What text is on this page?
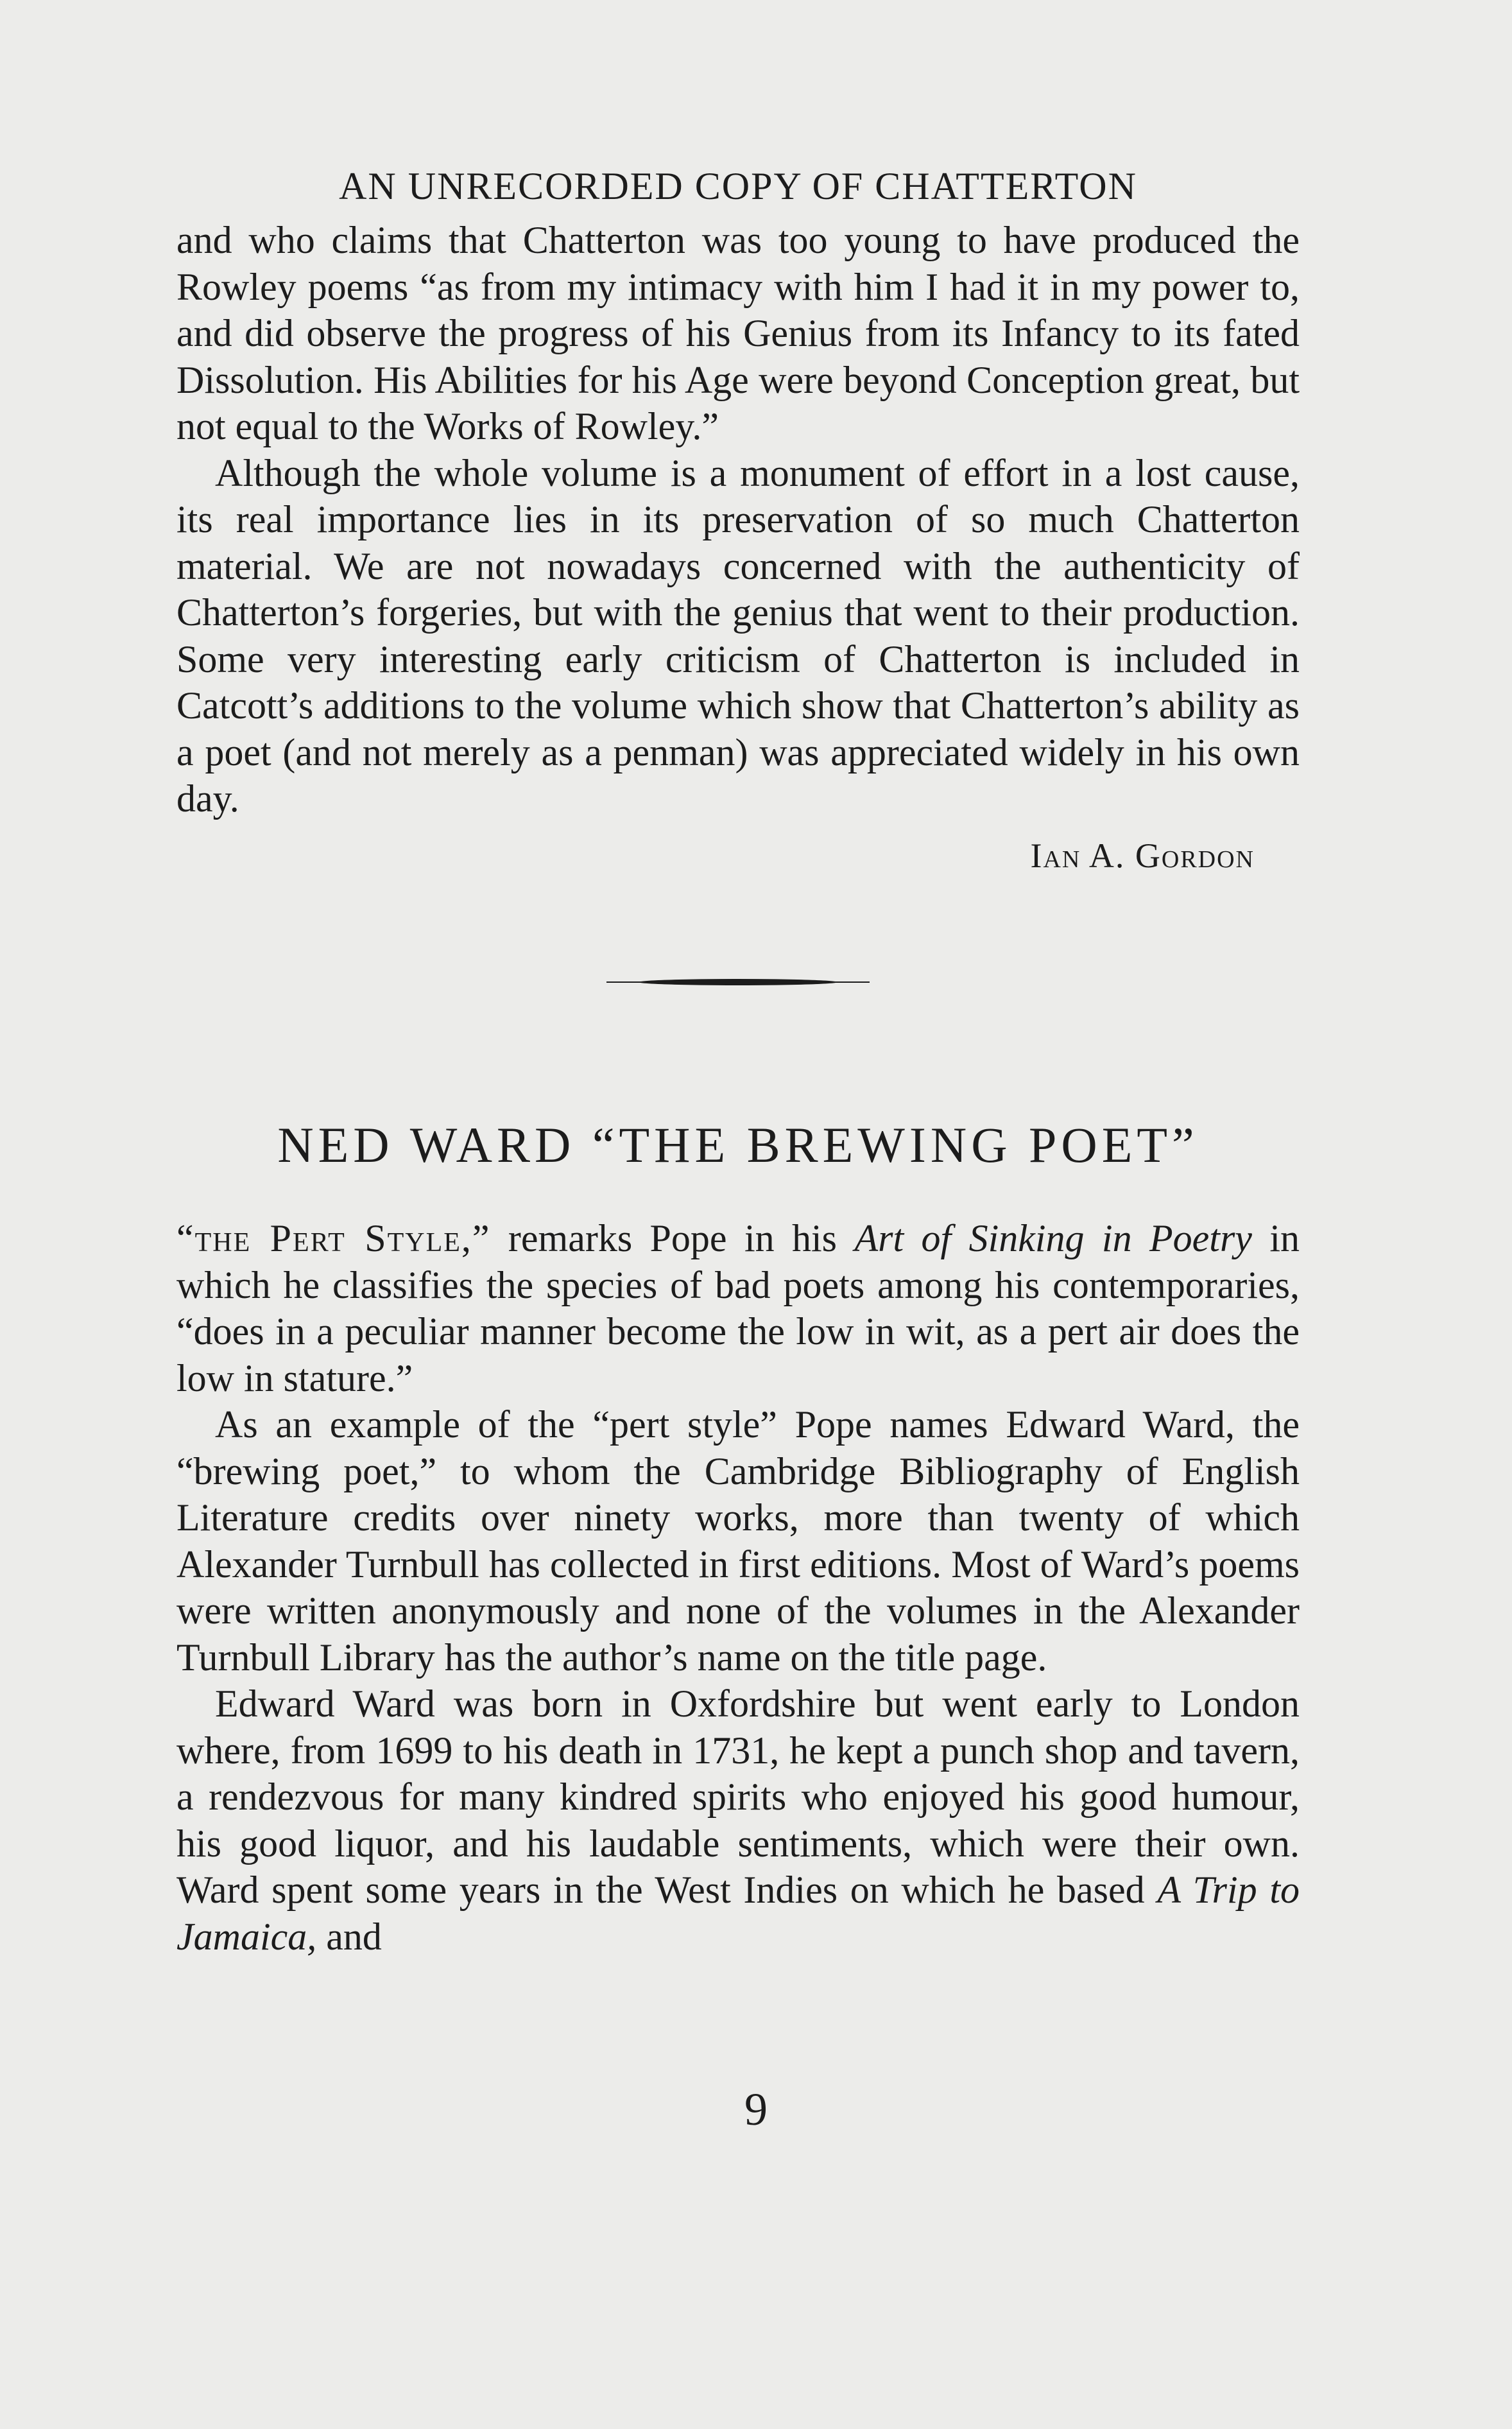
AN UNRECORDED COPY OF CHATTERTON

and who claims that Chatterton was too young to have produced the Rowley poems “as from my intimacy with him I had it in my power to, and did observe the progress of his Genius from its Infancy to its fated Dissolution. His Abilities for his Age were beyond Conception great, but not equal to the Works of Rowley.”

Although the whole volume is a monument of effort in a lost cause, its real importance lies in its preservation of so much Chatterton material. We are not nowadays concerned with the authenticity of Chatterton’s forgeries, but with the genius that went to their production. Some very interesting early criticism of Chatterton is included in Catcott’s additions to the volume which show that Chatterton’s ability as a poet (and not merely as a penman) was appreciated widely in his own day.

Ian A. Gordon
NED WARD “THE BREWING POET”

“the Pert Style,” remarks Pope in his Art of Sinking in Poetry in which he classifies the species of bad poets among his contemporaries, “does in a peculiar manner become the low in wit, as a pert air does the low in stature.”

As an example of the “pert style” Pope names Edward Ward, the “brewing poet,” to whom the Cambridge Bibliography of English Literature credits over ninety works, more than twenty of which Alexander Turnbull has collected in first editions. Most of Ward’s poems were written anonymously and none of the volumes in the Alexander Turnbull Library has the author’s name on the title page.

Edward Ward was born in Oxfordshire but went early to London where, from 1699 to his death in 1731, he kept a punch shop and tavern, a rendezvous for many kindred spirits who enjoyed his good humour, his good liquor, and his laudable sentiments, which were their own. Ward spent some years in the West Indies on which he based A Trip to Jamaica, and

9
